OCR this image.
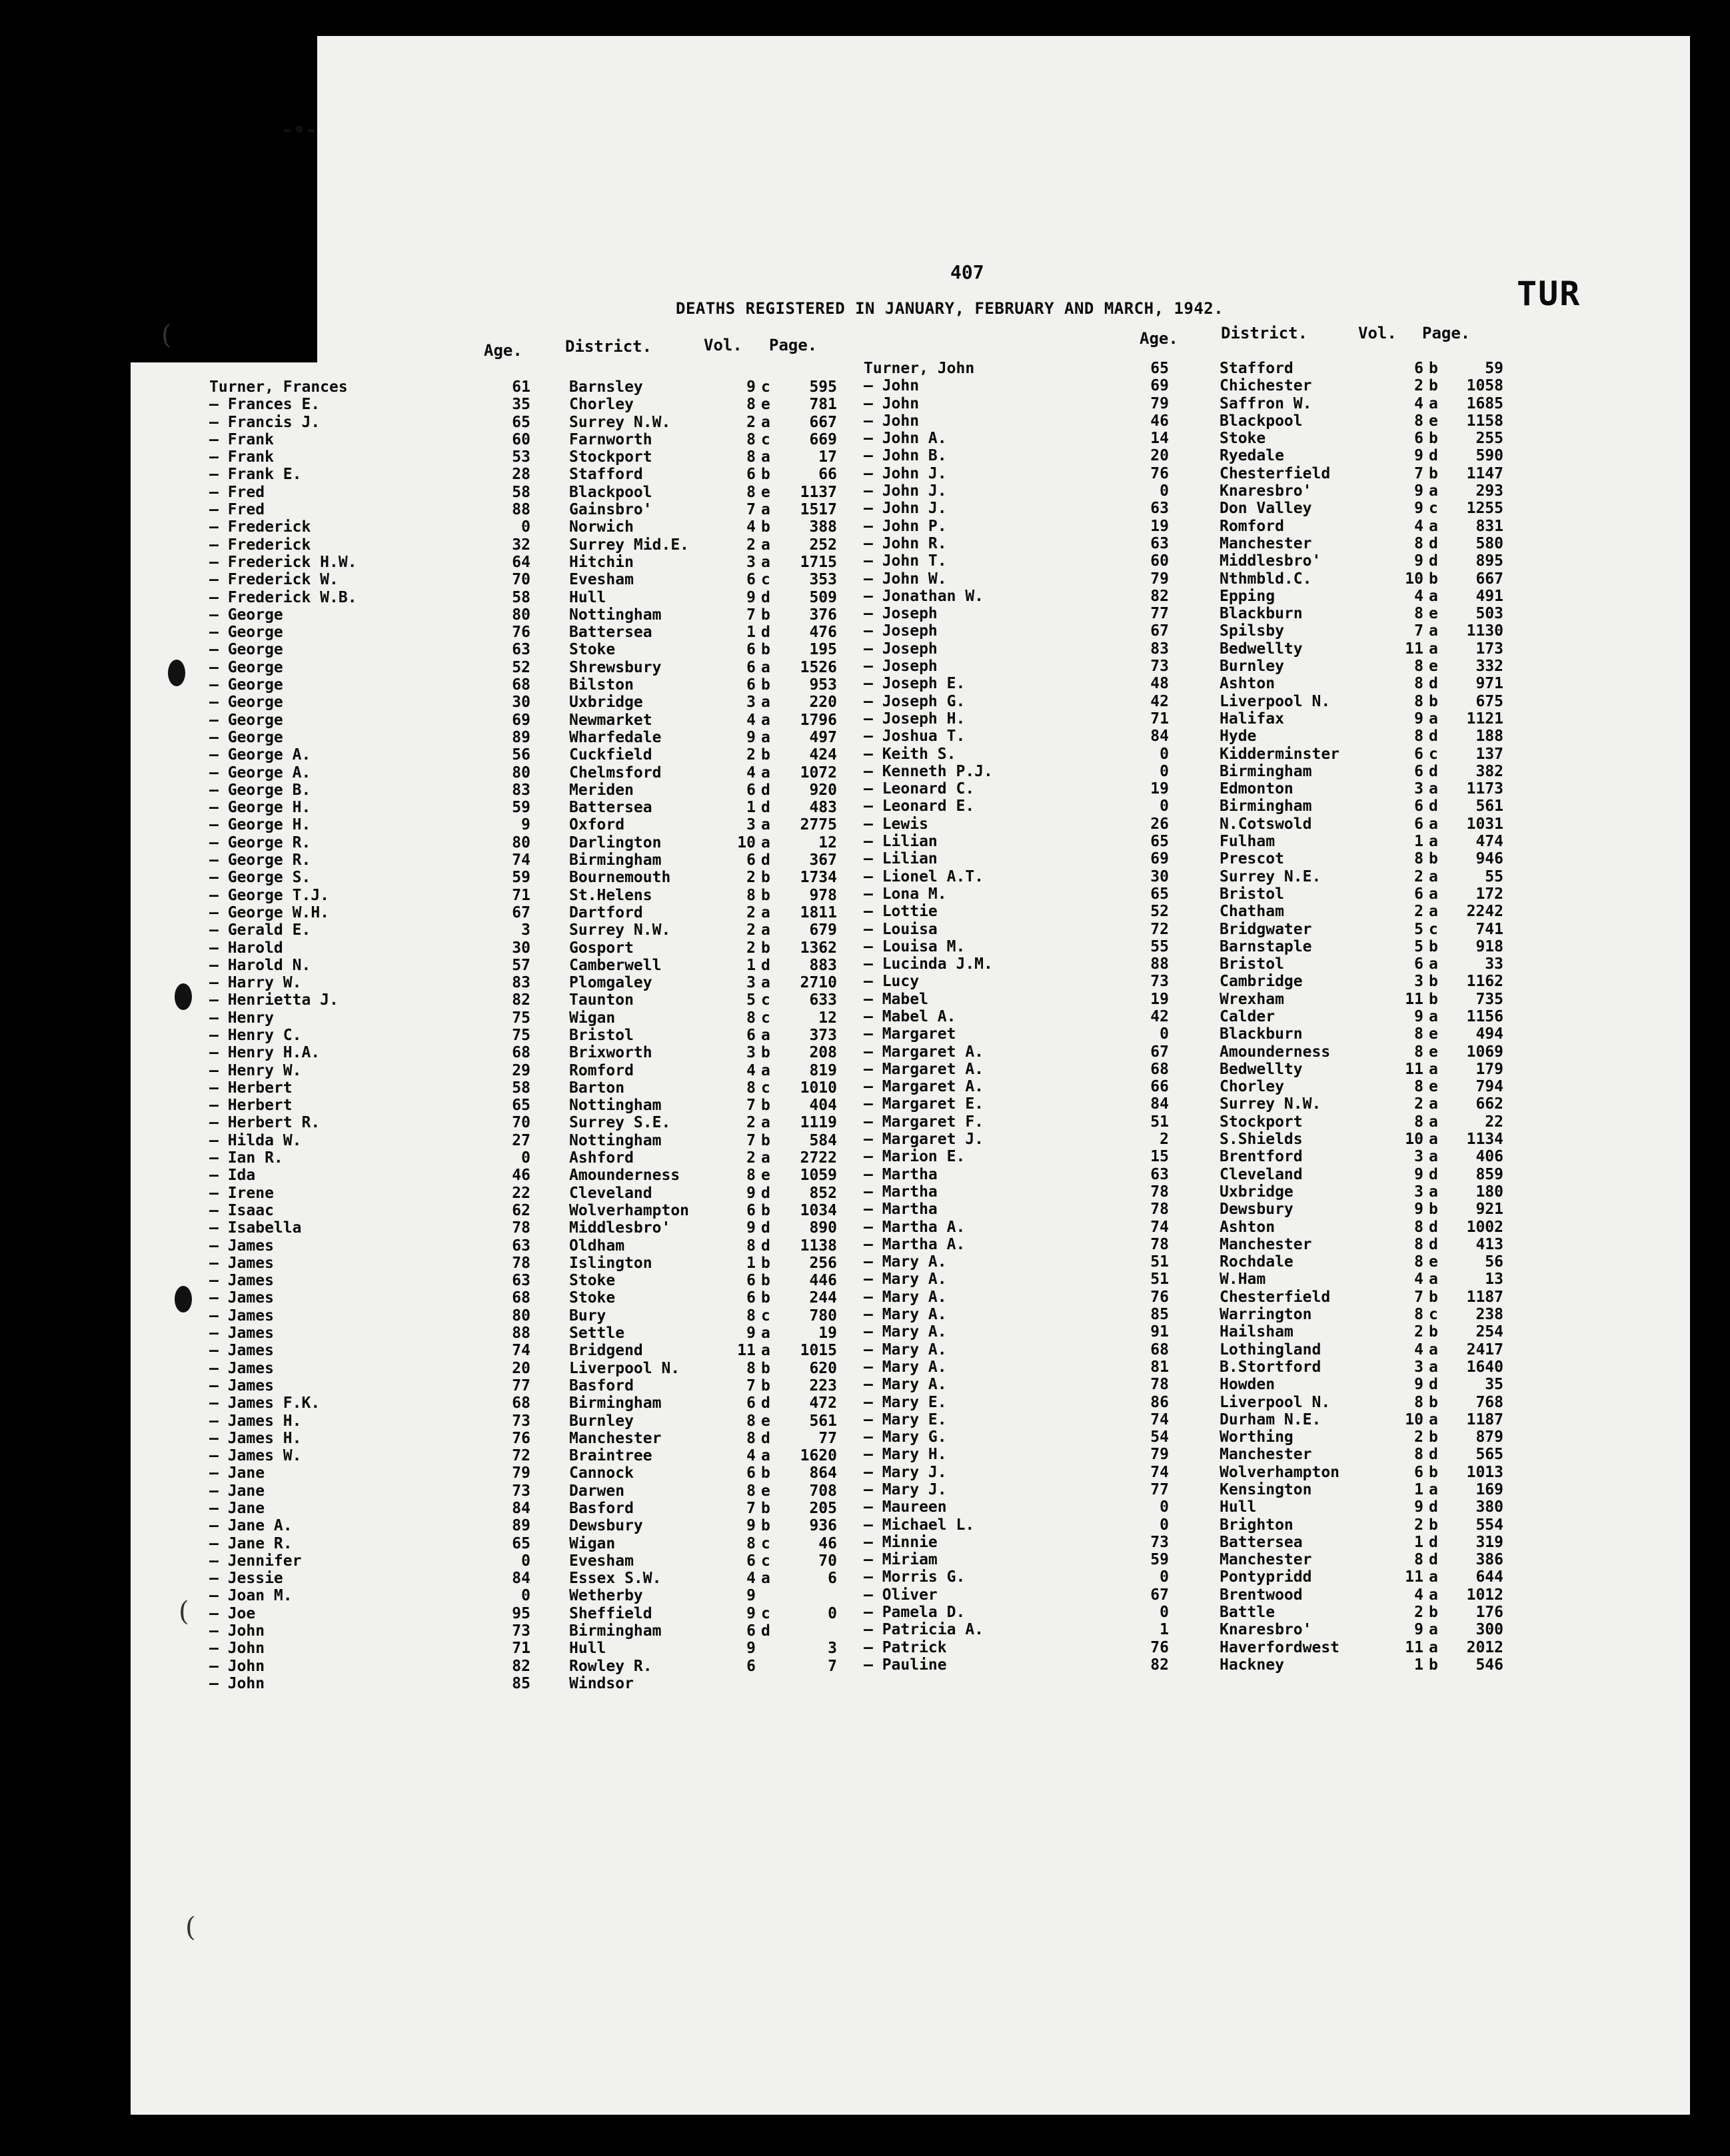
-•-
(
(
(
407
DEATHS REGISTERED IN JANUARY, FEBRUARY AND MARCH, 1942.	TUR
Age.	District.	Vol. Page.	Age.	District.	Vol. Page.
Turner, Frances	61	Barnsley	9 c	595
— Frances E.	35	Chorley	8 e	781
— Francis J.	65	Surrey N.W.	2 a	667
— Frank	60	Farnworth	8 c	669
— Frank	53	Stockport	8 a	17
— Frank E.	28	Stafford	6 b	66
— Fred	58	Blackpool	8 e	1137
— Fred	88	Gainsbro'	7 a	1517
— Frederick	0	Norwich	4 b	388
— Frederick	32	Surrey Mid.E.	2 a	252
— Frederick H.W.	64	Hitchin	3 a	1715
— Frederick W.	70	Evesham	6 c	353
— Frederick W.B.	58	Hull	9 d	509
— George	80	Nottingham	7 b	376
— George	76	Battersea	1 d	476
— George	63	Stoke	6 b	195
— George	52	Shrewsbury	6 a	1526
— George	68	Bilston	6 b	953
— George	30	Uxbridge	3 a	220
— George	69	Newmarket	4 a	1796
— George	89	Wharfedale	9 a	497
— George A.	56	Cuckfield	2 b	424
— George A.	80	Chelmsford	4 a	1072
— George B.	83	Meriden	6 d	920
— George H.	59	Battersea	1 d	483
— George H.	9	Oxford	3 a	2775
— George R.	80	Darlington	10 a	12
— George R.	74	Birmingham	6 d	367
— George S.	59	Bournemouth	2 b	1734
— George T.J.	71	St.Helens	8 b	978
— George W.H.	67	Dartford	2 a	1811
— Gerald E.	3	Surrey N.W.	2 a	679
— Harold	30	Gosport	2 b	1362
— Harold N.	57	Camberwell	1 d	883
— Harry W.	83	Plomgaley	3 a	2710
— Henrietta J.	82	Taunton	5 c	633
— Henry	75	Wigan	8 c	12
— Henry C.	75	Bristol	6 a	373
— Henry H.A.	68	Brixworth	3 b	208
— Henry W.	29	Romford	4 a	819
— Herbert	58	Barton	8 c	1010
— Herbert	65	Nottingham	7 b	404
— Herbert R.	70	Surrey S.E.	2 a	1119
— Hilda W.	27	Nottingham	7 b	584
— Ian R.	0	Ashford	2 a	2722
— Ida	46	Amounderness	8 e	1059
— Irene	22	Cleveland	9 d	852
— Isaac	62	Wolverhampton	6 b	1034
— Isabella	78	Middlesbro'	9 d	890
— James	63	Oldham	8 d	1138
— James	78	Islington	1 b	256
— James	63	Stoke	6 b	446
— James	68	Stoke	6 b	244
— James	80	Bury	8 c	780
— James	88	Settle	9 a	19
— James	74	Bridgend	11 a	1015
— James	20	Liverpool N.	8 b	620
— James	77	Basford	7 b	223
— James F.K.	68	Birmingham	6 d	472
— James H.	73	Burnley	8 e	561
— James H.	76	Manchester	8 d	77
— James W.	72	Braintree	4 a	1620
— Jane	79	Cannock	6 b	864
— Jane	73	Darwen	8 e	708
— Jane	84	Basford	7 b	205
— Jane A.	89	Dewsbury	9 b	936
— Jane R.	65	Wigan	8 c	46
— Jennifer	0	Evesham	6 c	70
— Jessie	84	Essex S.W.	4 a	6
— Joan M.	0	Wetherby	9
— Joe	95	Sheffield	9 c	0
— John	73	Birmingham	6 d
— John	71	Hull	9	3
— John	82	Rowley R.	6	7
— John	85	Windsor
Turner, John	65	Stafford	6 b	59
— John	69	Chichester	2 b	1058
— John	79	Saffron W.	4 a	1685
— John	46	Blackpool	8 e	1158
— John A.	14	Stoke	6 b	255
— John B.	20	Ryedale	9 d	590
— John J.	76	Chesterfield	7 b	1147
— John J.	0	Knaresbro'	9 a	293
— John J.	63	Don Valley	9 c	1255
— John P.	19	Romford	4 a	831
— John R.	63	Manchester	8 d	580
— John T.	60	Middlesbro'	9 d	895
— John W.	79	Nthmbld.C.	10 b	667
— Jonathan W.	82	Epping	4 a	491
— Joseph	77	Blackburn	8 e	503
— Joseph	67	Spilsby	7 a	1130
— Joseph	83	Bedwellty	11 a	173
— Joseph	73	Burnley	8 e	332
— Joseph E.	48	Ashton	8 d	971
— Joseph G.	42	Liverpool N.	8 b	675
— Joseph H.	71	Halifax	9 a	1121
— Joshua T.	84	Hyde	8 d	188
— Keith S.	0	Kidderminster	6 c	137
— Kenneth P.J.	0	Birmingham	6 d	382
— Leonard C.	19	Edmonton	3 a	1173
— Leonard E.	0	Birmingham	6 d	561
— Lewis	26	N.Cotswold	6 a	1031
— Lilian	65	Fulham	1 a	474
— Lilian	69	Prescot	8 b	946
— Lionel A.T.	30	Surrey N.E.	2 a	55
— Lona M.	65	Bristol	6 a	172
— Lottie	52	Chatham	2 a	2242
— Louisa	72	Bridgwater	5 c	741
— Louisa M.	55	Barnstaple	5 b	918
— Lucinda J.M.	88	Bristol	6 a	33
— Lucy	73	Cambridge	3 b	1162
— Mabel	19	Wrexham	11 b	735
— Mabel A.	42	Calder	9 a	1156
— Margaret	0	Blackburn	8 e	494
— Margaret A.	67	Amounderness	8 e	1069
— Margaret A.	68	Bedwellty	11 a	179
— Margaret A.	66	Chorley	8 e	794
— Margaret E.	84	Surrey N.W.	2 a	662
— Margaret F.	51	Stockport	8 a	22
— Margaret J.	2	S.Shields	10 a	1134
— Marion E.	15	Brentford	3 a	406
— Martha	63	Cleveland	9 d	859
— Martha	78	Uxbridge	3 a	180
— Martha	78	Dewsbury	9 b	921
— Martha A.	74	Ashton	8 d	1002
— Martha A.	78	Manchester	8 d	413
— Mary A.	51	Rochdale	8 e	56
— Mary A.	51	W.Ham	4 a	13
— Mary A.	76	Chesterfield	7 b	1187
— Mary A.	85	Warrington	8 c	238
— Mary A.	91	Hailsham	2 b	254
— Mary A.	68	Lothingland	4 a	2417
— Mary A.	81	B.Stortford	3 a	1640
— Mary A.	78	Howden	9 d	35
— Mary E.	86	Liverpool N.	8 b	768
— Mary E.	74	Durham N.E.	10 a	1187
— Mary G.	54	Worthing	2 b	879
— Mary H.	79	Manchester	8 d	565
— Mary J.	74	Wolverhampton	6 b	1013
— Mary J.	77	Kensington	1 a	169
— Maureen	0	Hull	9 d	380
— Michael L.	0	Brighton	2 b	554
— Minnie	73	Battersea	1 d	319
— Miriam	59	Manchester	8 d	386
— Morris G.	0	Pontypridd	11 a	644
— Oliver	67	Brentwood	4 a	1012
— Pamela D.	0	Battle	2 b	176
— Patricia A.	1	Knaresbro'	9 a	300
— Patrick	76	Haverfordwest	11 a	2012
— Pauline	82	Hackney	1 b	546
